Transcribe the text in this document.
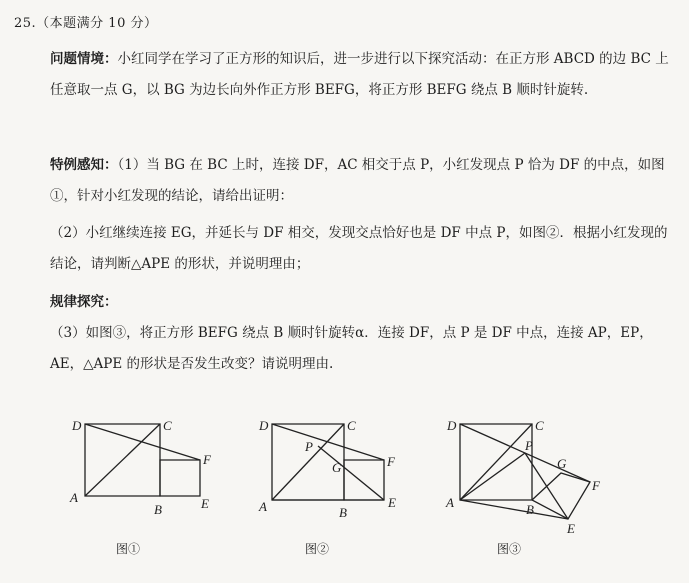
25.（本题满分 10 分）
问题情境：小红同学在学习了正方形的知识后，进一步进行以下探究活动：在正方形 ABCD 的边 BC 上任意取一点 G，以 BG 为边长向外作正方形 BEFG，将正方形 BEFG 绕点 B 顺时针旋转.
特例感知：（1）当 BG 在 BC 上时，连接 DF，AC 相交于点 P，小红发现点 P 恰为 DF 的中点，如图①，针对小红发现的结论，请给出证明：
（2）小红继续连接 EG，并延长与 DF 相交，发现交点恰好也是 DF 中点 P，如图②．根据小红发现的结论，请判断△APE 的形状，并说明理由；
规律探究：
（3）如图③，将正方形 BEFG 绕点 B 顺时针旋转α．连接 DF，点 P 是 DF 中点，连接 AP，EP，AE，△APE 的形状是否发生改变？请说明理由.
D	C
F
A
B	E
D	C
P
G	F
A	B
E
D	C
P
G
F
A	B
E
图①	图②	图③
